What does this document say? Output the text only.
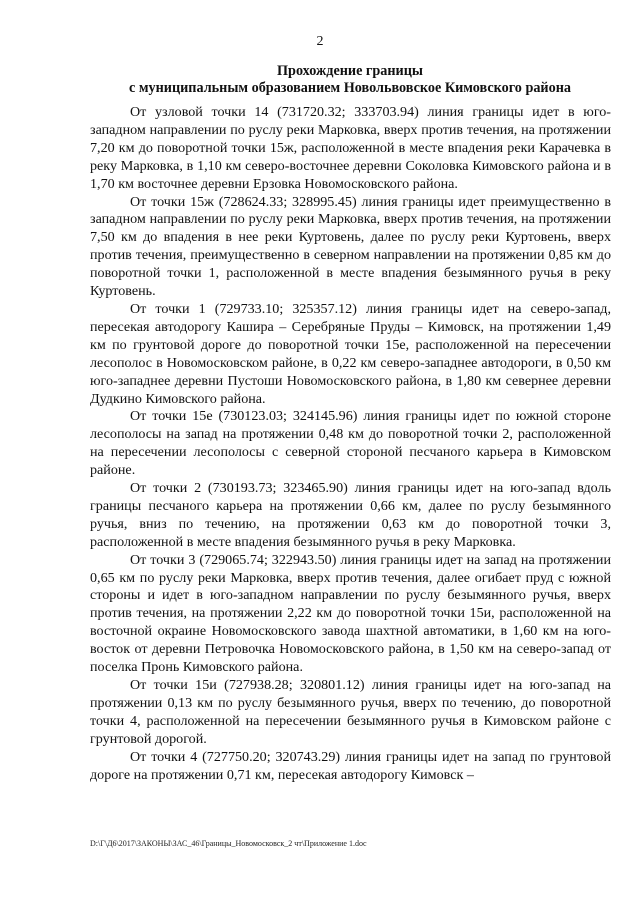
2
Прохождение границы
с муниципальным образованием Новольвовское Кимовского района

От узловой точки 14 (731720.32; 333703.94) линия границы идет в юго-западном направлении по руслу реки Марковка, вверх против течения, на протяжении 7,20 км до поворотной точки 15ж, расположенной в месте впадения реки Карачевка в реку Марковка, в 1,10 км северо-восточнее деревни Соколовка Кимовского района и в 1,70 км восточнее деревни Ерзовка Новомосковского района.

От точки 15ж (728624.33; 328995.45) линия границы идет преимущественно в западном направлении по руслу реки Марковка, вверх против течения, на протяжении 7,50 км до впадения в нее реки Куртовень, далее по руслу реки Куртовень, вверх против течения, преимущественно в северном направлении на протяжении 0,85 км до поворотной точки 1, расположенной в месте впадения безымянного ручья в реку Куртовень.

От точки 1 (729733.10; 325357.12) линия границы идет на северо-запад, пересекая автодорогу Кашира – Серебряные Пруды – Кимовск, на протяжении 1,49 км по грунтовой дороге до поворотной точки 15е, расположенной на пересечении лесополос в Новомосковском районе, в 0,22 км северо-западнее автодороги, в 0,50 км юго-западнее деревни Пустоши Новомосковского района, в 1,80 км севернее деревни Дудкино Кимовского района.

От точки 15е (730123.03; 324145.96) линия границы идет по южной стороне лесополосы на запад на протяжении 0,48 км до поворотной точки 2, расположенной на пересечении лесополосы с северной стороной песчаного карьера в Кимовском районе.

От точки 2 (730193.73; 323465.90) линия границы идет на юго-запад вдоль границы песчаного карьера на протяжении 0,66 км, далее по руслу безымянного ручья, вниз по течению, на протяжении 0,63 км до поворотной точки 3, расположенной в месте впадения безымянного ручья в реку Марковка.

От точки 3 (729065.74; 322943.50) линия границы идет на запад на протяжении 0,65 км по руслу реки Марковка, вверх против течения, далее огибает пруд с южной стороны и идет в юго-западном направлении по руслу безымянного ручья, вверх против течения, на протяжении 2,22 км до поворотной точки 15и, расположенной на восточной окраине Новомосковского завода шахтной автоматики, в 1,60 км на юго-восток от деревни Петровочка Новомосковского района, в 1,50 км на северо-запад от поселка Пронь Кимовского района.

От точки 15и (727938.28; 320801.12) линия границы идет на юго-запад на протяжении 0,13 км по руслу безымянного ручья, вверх по течению, до поворотной точки 4, расположенной на пересечении безымянного ручья в Кимовском районе с грунтовой дорогой.

От точки 4 (727750.20; 320743.29) линия границы идет на запад по грунтовой дороге на протяжении 0,71 км, пересекая автодорогу Кимовск –

D:\Г\Д6\2017\ЗАКОНЫ\ЗАС_46\Границы_Новомосковск_2 чт\Приложение 1.doc
